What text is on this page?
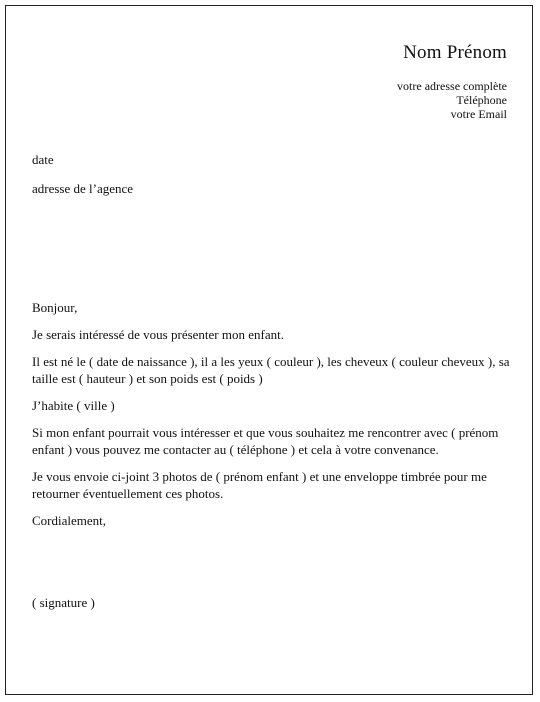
Nom Prénom
votre adresse complète
Téléphone
votre Email
date
adresse de l’agence

Bonjour,

Je serais intéressé de vous présenter mon enfant.

Il est né le ( date de naissance ), il a les yeux ( couleur ), les cheveux ( couleur cheveux ), sa taille est ( hauteur ) et son poids est ( poids )

J’habite ( ville )

Si mon enfant pourrait vous intéresser et que vous souhaitez me rencontrer avec ( prénom enfant ) vous pouvez me contacter au ( téléphone ) et cela à votre convenance.

Je vous envoie ci-joint 3 photos de ( prénom enfant ) et une enveloppe timbrée pour me retourner éventuellement ces photos.

Cordialement,

( signature )
